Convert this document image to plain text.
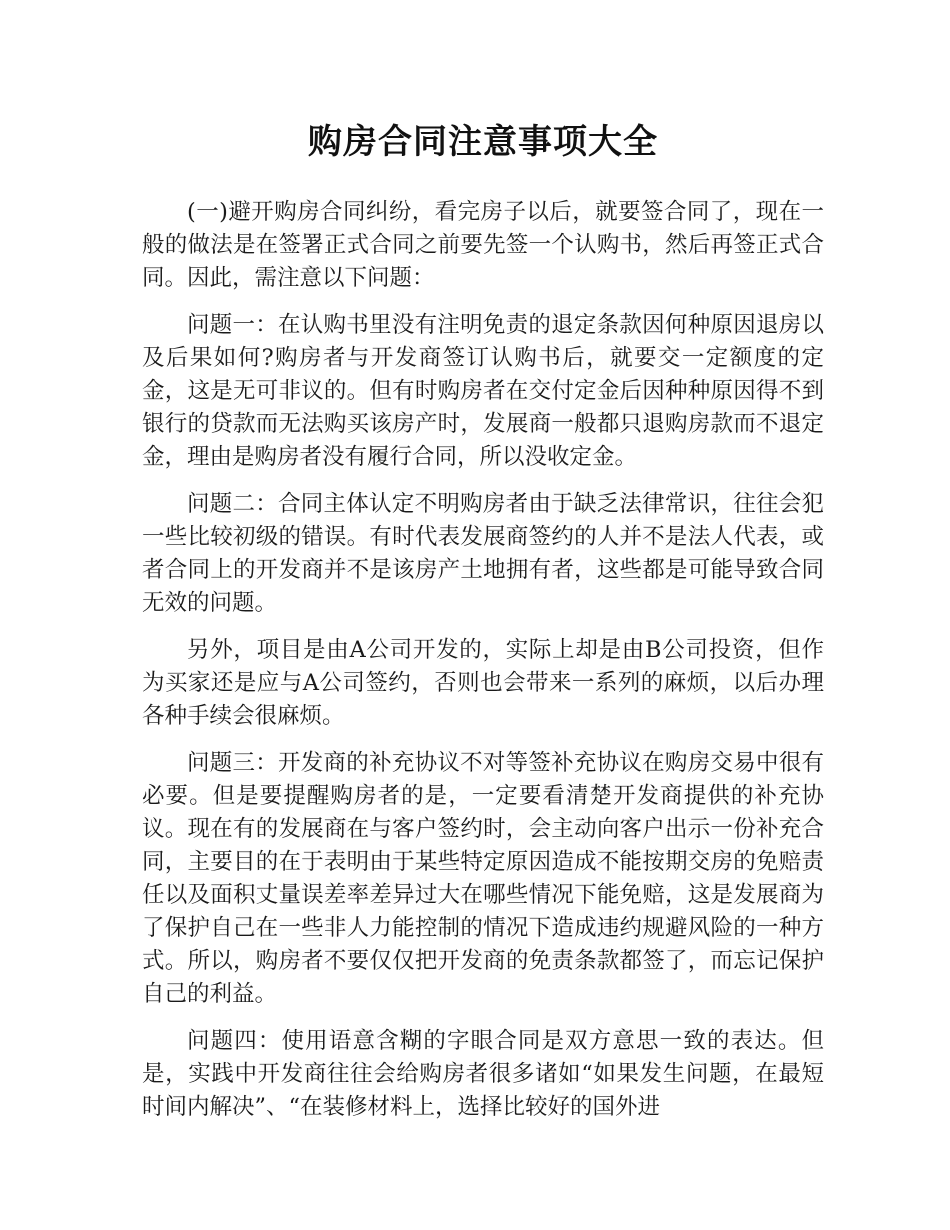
购房合同注意事项大全

(一)避开购房合同纠纷，看完房子以后，就要签合同了，现在一般的做法是在签署正式合同之前要先签一个认购书，然后再签正式合同。因此，需注意以下问题：

问题一：在认购书里没有注明免责的退定条款因何种原因退房以及后果如何?购房者与开发商签订认购书后，就要交一定额度的定金，这是无可非议的。但有时购房者在交付定金后因种种原因得不到银行的贷款而无法购买该房产时，发展商一般都只退购房款而不退定金，理由是购房者没有履行合同，所以没收定金。

问题二：合同主体认定不明购房者由于缺乏法律常识，往往会犯一些比较初级的错误。有时代表发展商签约的人并不是法人代表，或者合同上的开发商并不是该房产土地拥有者，这些都是可能导致合同无效的问题。

另外，项目是由A公司开发的，实际上却是由B公司投资，但作为买家还是应与A公司签约，否则也会带来一系列的麻烦，以后办理各种手续会很麻烦。

问题三：开发商的补充协议不对等签补充协议在购房交易中很有必要。但是要提醒购房者的是，一定要看清楚开发商提供的补充协议。现在有的发展商在与客户签约时，会主动向客户出示一份补充合同，主要目的在于表明由于某些特定原因造成不能按期交房的免赔责任以及面积丈量误差率差异过大在哪些情况下能免赔，这是发展商为了保护自己在一些非人力能控制的情况下造成违约规避风险的一种方式。所以，购房者不要仅仅把开发商的免责条款都签了，而忘记保护自己的利益。

问题四：使用语意含糊的字眼合同是双方意思一致的表达。但是，实践中开发商往往会给购房者很多诸如“如果发生问题，在最短时间内解决”、“在装修材料上，选择比较好的国外进
